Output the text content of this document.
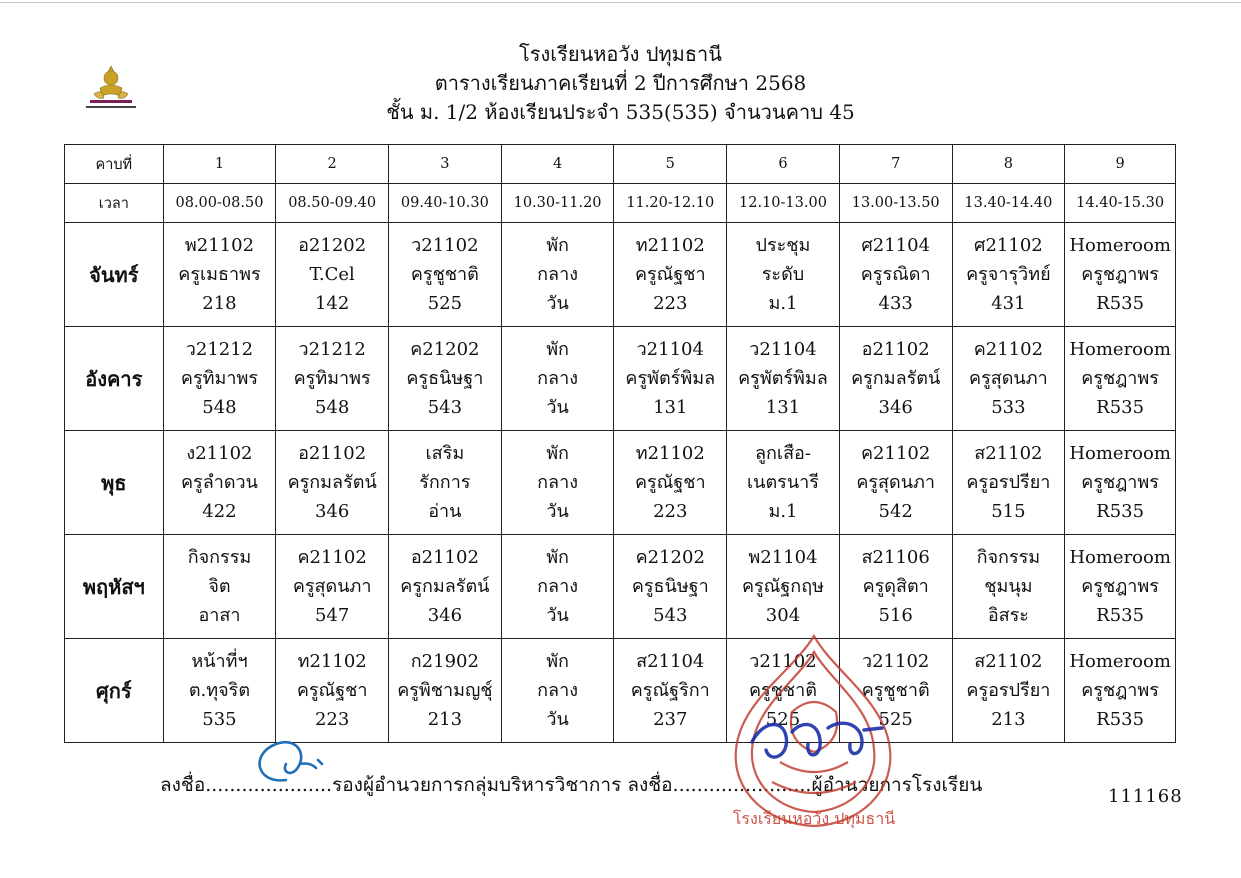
โรงเรียนหอวัง ปทุมธานี
ตารางเรียนภาคเรียนที่ 2 ปีการศึกษา 2568
ชั้น ม. 1/2 ห้องเรียนประจำ 535(535) จำนวนคาบ 45
คาบที่	1	2	3	4	5	6	7	8	9
เวลา	08.00-08.50	08.50-09.40	09.40-10.30	10.30-11.20	11.20-12.10	12.10-13.00	13.00-13.50	13.40-14.40	14.40-15.30
จันทร์	พ21102
ครูเมธาพร
218	อ21202
T.Cel
142	ว21102
ครูชูชาติ
525	พัก
กลาง
วัน	ท21102
ครูณัฐชา
223	ประชุม
ระดับ
ม.1	ศ21104
ครูรณิดา
433	ศ21102
ครูจารุวิทย์
431	Homeroom
ครูชฎาพร
R535

อังคาร	ว21212
ครูทิมาพร
548	ว21212
ครูทิมาพร
548	ค21202
ครูธนิษฐา
543	พัก
กลาง
วัน	ว21104
ครูพัตร์พิมล
131	ว21104
ครูพัตร์พิมล
131	อ21102
ครูกมลรัตน์
346	ค21102
ครูสุดนภา
533	Homeroom
ครูชฎาพร
R535

พุธ	ง21102
ครูลำดวน
422	อ21102
ครูกมลรัตน์
346	เสริม
รักการ
อ่าน	พัก
กลาง
วัน	ท21102
ครูณัฐชา
223	ลูกเสือ-
เนตรนารี
ม.1	ค21102
ครูสุดนภา
542	ส21102
ครูอรปรียา
515	Homeroom
ครูชฎาพร
R535

พฤหัสฯ	กิจกรรม
จิต
อาสา	ค21102
ครูสุดนภา
547	อ21102
ครูกมลรัตน์
346	พัก
กลาง
วัน	ค21202
ครูธนิษฐา
543	พ21104
ครูณัฐกฤษ
304	ส21106
ครูดุสิตา
516	กิจกรรม
ชุมนุม
อิสระ	Homeroom
ครูชฎาพร
R535

ศุกร์	หน้าที่ฯ
ต.ทุจริต
535	ท21102
ครูณัฐชา
223	ก21902
ครูพิชามญชุ์
213	พัก
กลาง
วัน	ส21104
ครูณัฐริกา
237	ว21102
ครูชูชาติ
525	ว21102
ครูชูชาติ
525	ส21102
ครูอรปรียา
213	Homeroom
ครูชฎาพร
R535
ลงชื่อ.....................รองผู้อำนวยการกลุ่มบริหารวิชาการ ลงชื่อ.......................ผู้อำนวยการโรงเรียน
111168
โรงเรียนหอวัง ปทุมธานี
